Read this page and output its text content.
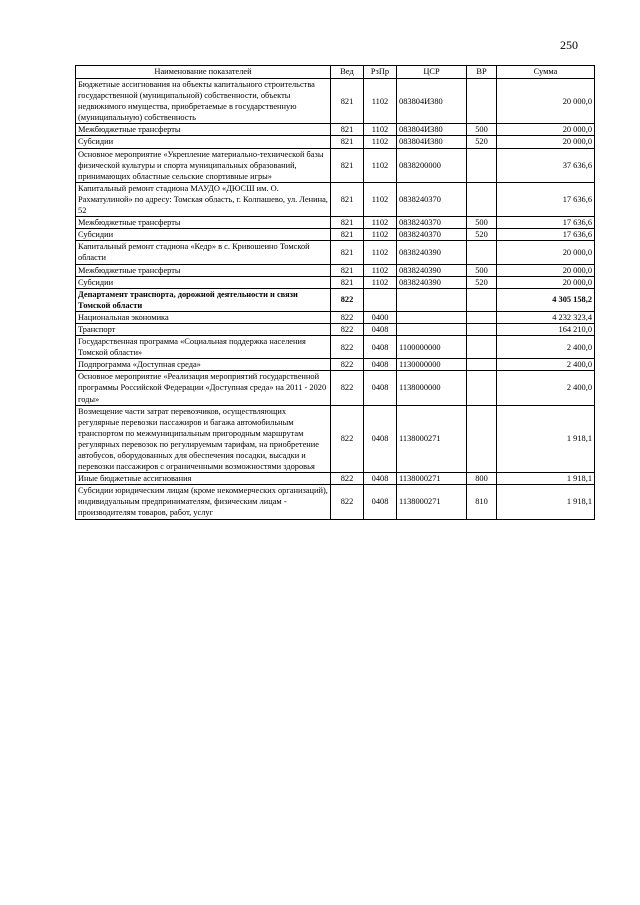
250
Наименование показателей	Вед	РзПр	ЦСР	ВР	Сумма
Бюджетные ассигнования на объекты капитального строительства государственной (муниципальной) собственности, объекты недвижимого имущества, приобретаемые в государственную (муниципальную) собственность	821	1102	083804И380		20 000,0
Межбюджетные трансферты	821	1102	083804И380	500	20 000,0
Субсидии	821	1102	083804И380	520	20 000,0
Основное мероприятие «Укрепление материально-технической базы физической культуры и спорта муниципальных образований, принимающих областные сельские спортивные игры»	821	1102	0838200000		37 636,6
Капитальный ремонт стадиона МАУДО «ДЮСШ им. О. Рахматулиной» по адресу: Томская область, г. Колпашево, ул. Ленина, 52	821	1102	0838240370		17 636,6
Межбюджетные трансферты	821	1102	0838240370	500	17 636,6
Субсидии	821	1102	0838240370	520	17 636,6
Капитальный ремонт стадиона «Кедр» в с. Кривошеино Томской области	821	1102	0838240390		20 000,0
Межбюджетные трансферты	821	1102	0838240390	500	20 000,0
Субсидии	821	1102	0838240390	520	20 000,0
Департамент транспорта, дорожной деятельности и связи Томской области	822				4 305 158,2
Национальная экономика	822	0400			4 232 323,4
Транспорт	822	0408			164 210,0
Государственная программа «Социальная поддержка населения Томской области»	822	0408	1100000000		2 400,0
Подпрограмма «Доступная среда»	822	0408	1130000000		2 400,0
Основное мероприятие «Реализация мероприятий государственной программы Российской Федерации «Доступная среда» на 2011 - 2020 годы»	822	0408	1138000000		2 400,0
Возмещение части затрат перевозчиков, осуществляющих регулярные перевозки пассажиров и багажа автомобильным транспортом по межмуниципальным пригородным маршрутам регулярных перевозок по регулируемым тарифам, на приобретение автобусов, оборудованных для обеспечения посадки, высадки и перевозки пассажиров с ограниченными возможностями здоровья	822	0408	1138000271		1 918,1
Иные бюджетные ассигнования	822	0408	1138000271	800	1 918,1
Субсидии юридическим лицам (кроме некоммерческих организаций), индивидуальным предпринимателям, физическим лицам - производителям товаров, работ, услуг	822	0408	1138000271	810	1 918,1
